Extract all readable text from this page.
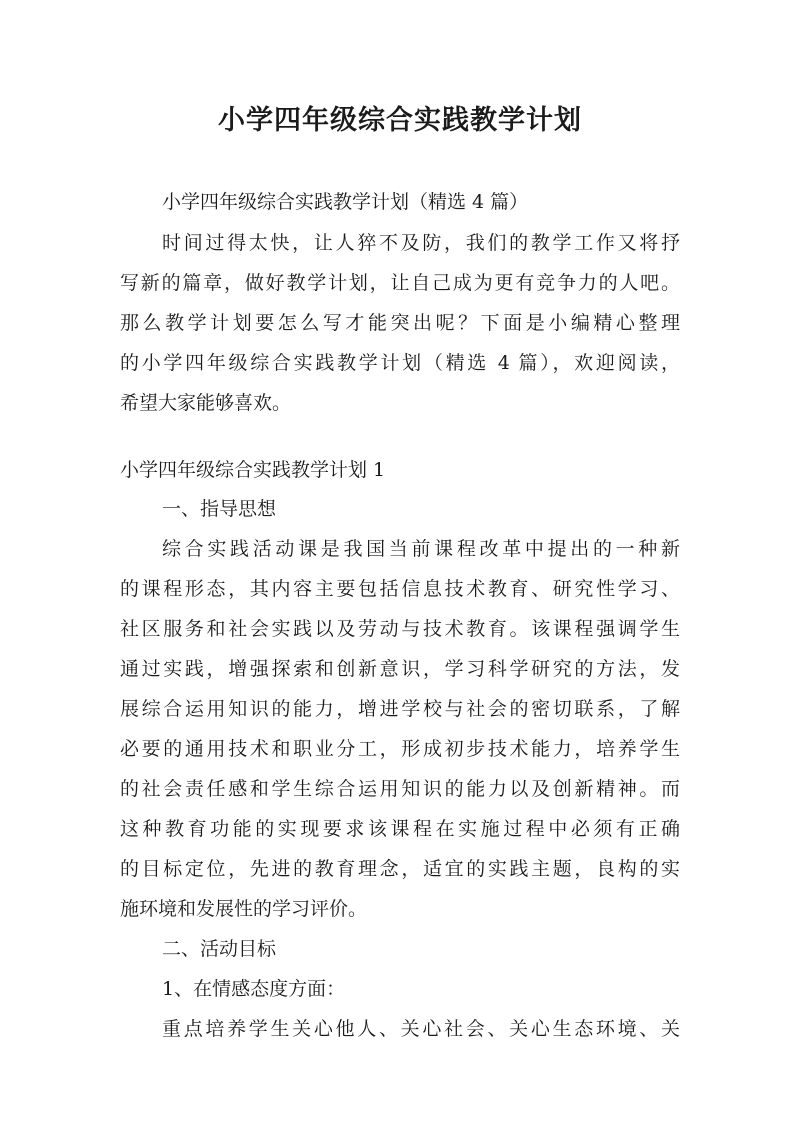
小学四年级综合实践教学计划

小学四年级综合实践教学计划（精选 4 篇）

时间过得太快，让人猝不及防，我们的教学工作又将抒

写新的篇章，做好教学计划，让自己成为更有竞争力的人吧。

那么教学计划要怎么写才能突出呢？下面是小编精心整理

的小学四年级综合实践教学计划（精选 4 篇），欢迎阅读，

希望大家能够喜欢。

小学四年级综合实践教学计划 1

一、指导思想

综合实践活动课是我国当前课程改革中提出的一种新

的课程形态，其内容主要包括信息技术教育、研究性学习、

社区服务和社会实践以及劳动与技术教育。该课程强调学生

通过实践，增强探索和创新意识，学习科学研究的方法，发

展综合运用知识的能力，增进学校与社会的密切联系，了解

必要的通用技术和职业分工，形成初步技术能力，培养学生

的社会责任感和学生综合运用知识的能力以及创新精神。而

这种教育功能的实现要求该课程在实施过程中必须有正确

的目标定位，先进的教育理念，适宜的实践主题，良构的实

施环境和发展性的学习评价。

二、活动目标

1、在情感态度方面：

重点培养学生关心他人、关心社会、关心生态环境、关
